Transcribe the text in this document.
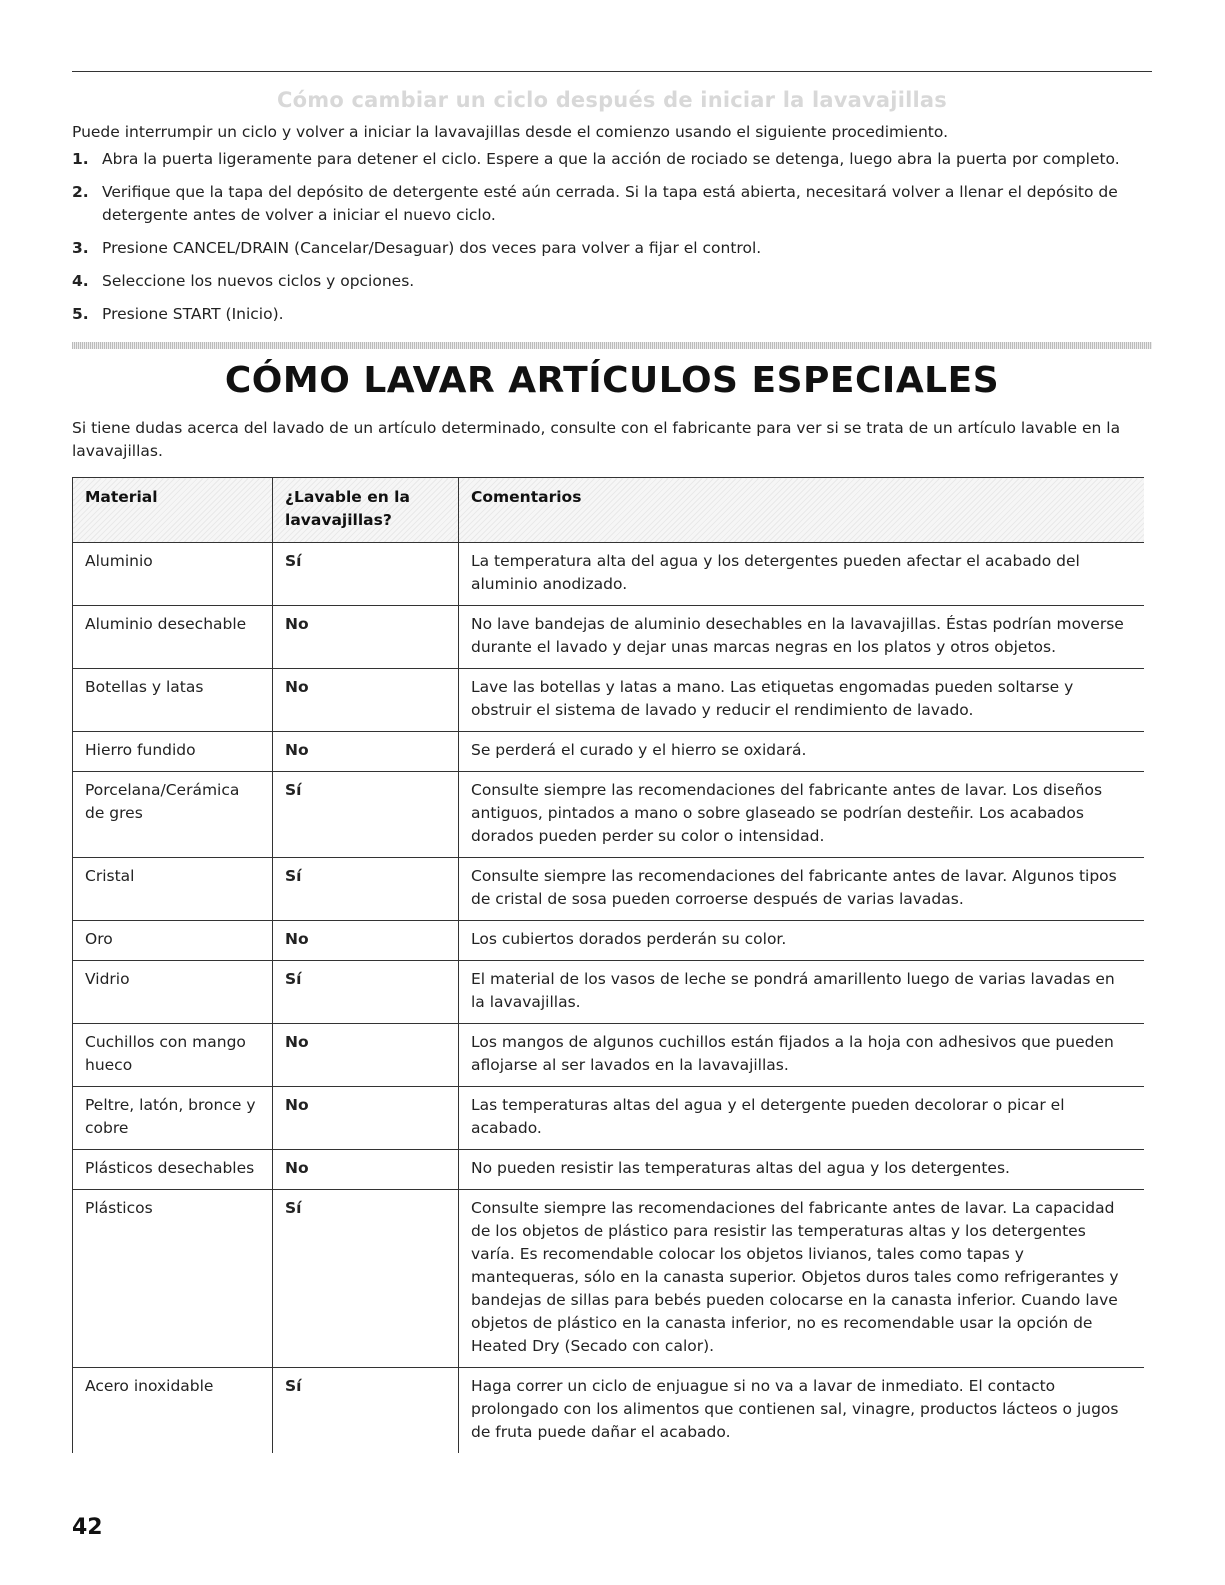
Cómo cambiar un ciclo después de iniciar la lavavajillas
Puede interrumpir un ciclo y volver a iniciar la lavavajillas desde el comienzo usando el siguiente procedimiento.
1. Abra la puerta ligeramente para detener el ciclo. Espere a que la acción de rociado se detenga, luego abra la puerta por completo.
2. Verifique que la tapa del depósito de detergente esté aún cerrada. Si la tapa está abierta, necesitará volver a llenar el depósito de detergente antes de volver a iniciar el nuevo ciclo.
3. Presione CANCEL/DRAIN (Cancelar/Desaguar) dos veces para volver a fijar el control.
4. Seleccione los nuevos ciclos y opciones.
5. Presione START (Inicio).
CÓMO LAVAR ARTÍCULOS ESPECIALES
Si tiene dudas acerca del lavado de un artículo determinado, consulte con el fabricante para ver si se trata de un artículo lavable en la lavavajillas.
Material	¿Lavable en la lavavajillas?	Comentarios
Aluminio	Sí	La temperatura alta del agua y los detergentes pueden afectar el acabado del aluminio anodizado.
Aluminio desechable	No	No lave bandejas de aluminio desechables en la lavavajillas. Éstas podrían moverse durante el lavado y dejar unas marcas negras en los platos y otros objetos.
Botellas y latas	No	Lave las botellas y latas a mano. Las etiquetas engomadas pueden soltarse y obstruir el sistema de lavado y reducir el rendimiento de lavado.
Hierro fundido	No	Se perderá el curado y el hierro se oxidará.
Porcelana/Cerámica de gres	Sí	Consulte siempre las recomendaciones del fabricante antes de lavar. Los diseños antiguos, pintados a mano o sobre glaseado se podrían desteñir. Los acabados dorados pueden perder su color o intensidad.
Cristal	Sí	Consulte siempre las recomendaciones del fabricante antes de lavar. Algunos tipos de cristal de sosa pueden corroerse después de varias lavadas.
Oro	No	Los cubiertos dorados perderán su color.
Vidrio	Sí	El material de los vasos de leche se pondrá amarillento luego de varias lavadas en la lavavajillas.
Cuchillos con mango hueco	No	Los mangos de algunos cuchillos están fijados a la hoja con adhesivos que pueden aflojarse al ser lavados en la lavavajillas.
Peltre, latón, bronce y cobre	No	Las temperaturas altas del agua y el detergente pueden decolorar o picar el acabado.
Plásticos desechables	No	No pueden resistir las temperaturas altas del agua y los detergentes.
Plásticos	Sí	Consulte siempre las recomendaciones del fabricante antes de lavar. La capacidad de los objetos de plástico para resistir las temperaturas altas y los detergentes varía. Es recomendable colocar los objetos livianos, tales como tapas y mantequeras, sólo en la canasta superior. Objetos duros tales como refrigerantes y bandejas de sillas para bebés pueden colocarse en la canasta inferior. Cuando lave objetos de plástico en la canasta inferior, no es recomendable usar la opción de Heated Dry (Secado con calor).
Acero inoxidable	Sí	Haga correr un ciclo de enjuague si no va a lavar de inmediato. El contacto prolongado con los alimentos que contienen sal, vinagre, productos lácteos o jugos de fruta puede dañar el acabado.
42
